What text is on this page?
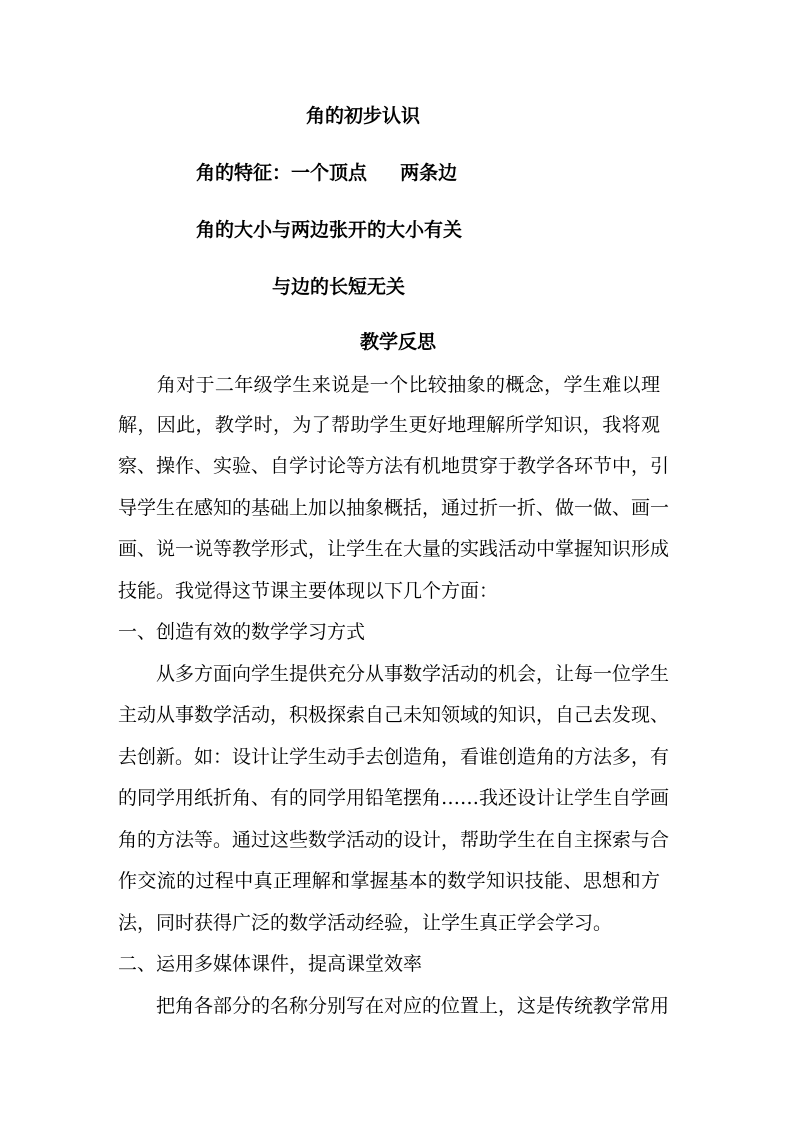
角的初步认识
角的特征：一个顶点     两条边
角的大小与两边张开的大小有关
与边的长短无关
教学反思
　　角对于二年级学生来说是一个比较抽象的概念，学生难以理
解，因此，教学时，为了帮助学生更好地理解所学知识，我将观
察、操作、实验、自学讨论等方法有机地贯穿于教学各环节中，引
导学生在感知的基础上加以抽象概括，通过折一折、做一做、画一
画、说一说等教学形式，让学生在大量的实践活动中掌握知识形成
技能。我觉得这节课主要体现以下几个方面：
一、创造有效的数学学习方式
　　从多方面向学生提供充分从事数学活动的机会，让每一位学生
主动从事数学活动，积极探索自己未知领域的知识，自己去发现、
去创新。如：设计让学生动手去创造角，看谁创造角的方法多，有
的同学用纸折角、有的同学用铅笔摆角……我还设计让学生自学画
角的方法等。通过这些数学活动的设计，帮助学生在自主探索与合
作交流的过程中真正理解和掌握基本的数学知识技能、思想和方
法，同时获得广泛的数学活动经验，让学生真正学会学习。
二、运用多媒体课件，提高课堂效率
　　把角各部分的名称分别写在对应的位置上，这是传统教学常用
